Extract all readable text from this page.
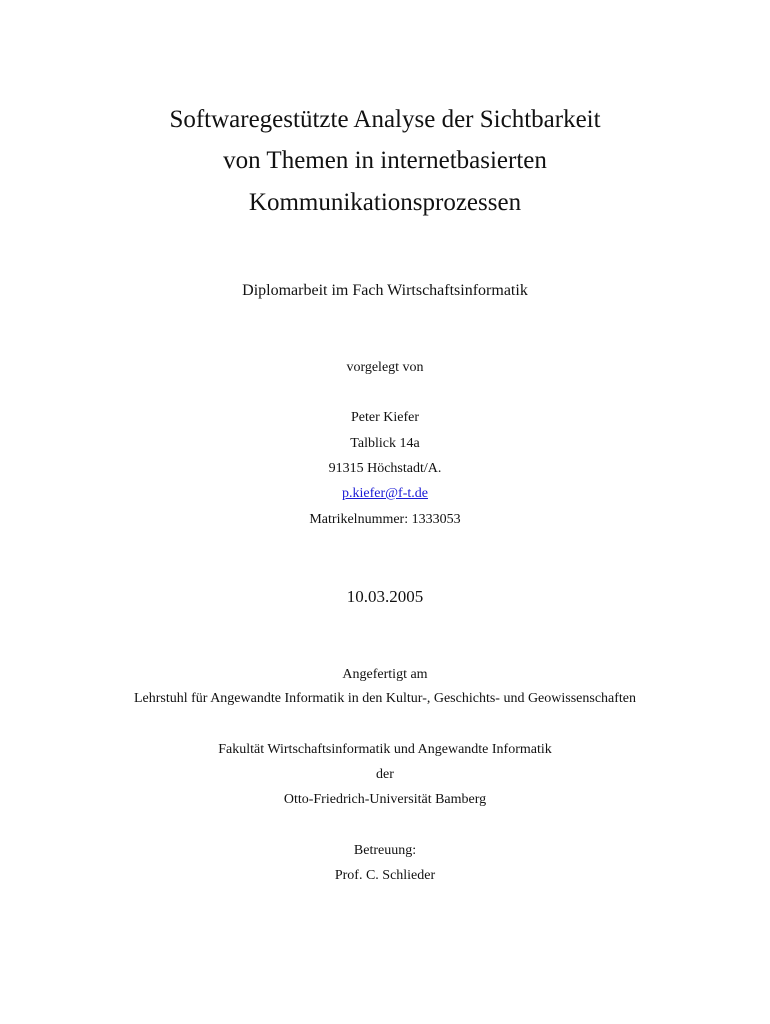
Softwaregestützte Analyse der Sichtbarkeit
von Themen in internetbasierten
Kommunikationsprozessen
Diplomarbeit im Fach Wirtschaftsinformatik
vorgelegt von
Peter Kiefer
Talblick 14a
91315 Höchstadt/A.
p.kiefer@f-t.de
Matrikelnummer: 1333053
10.03.2005
Angefertigt am
Lehrstuhl für Angewandte Informatik in den Kultur-, Geschichts- und Geowissenschaften
Fakultät Wirtschaftsinformatik und Angewandte Informatik
der
Otto-Friedrich-Universität Bamberg
Betreuung:
Prof. C. Schlieder
